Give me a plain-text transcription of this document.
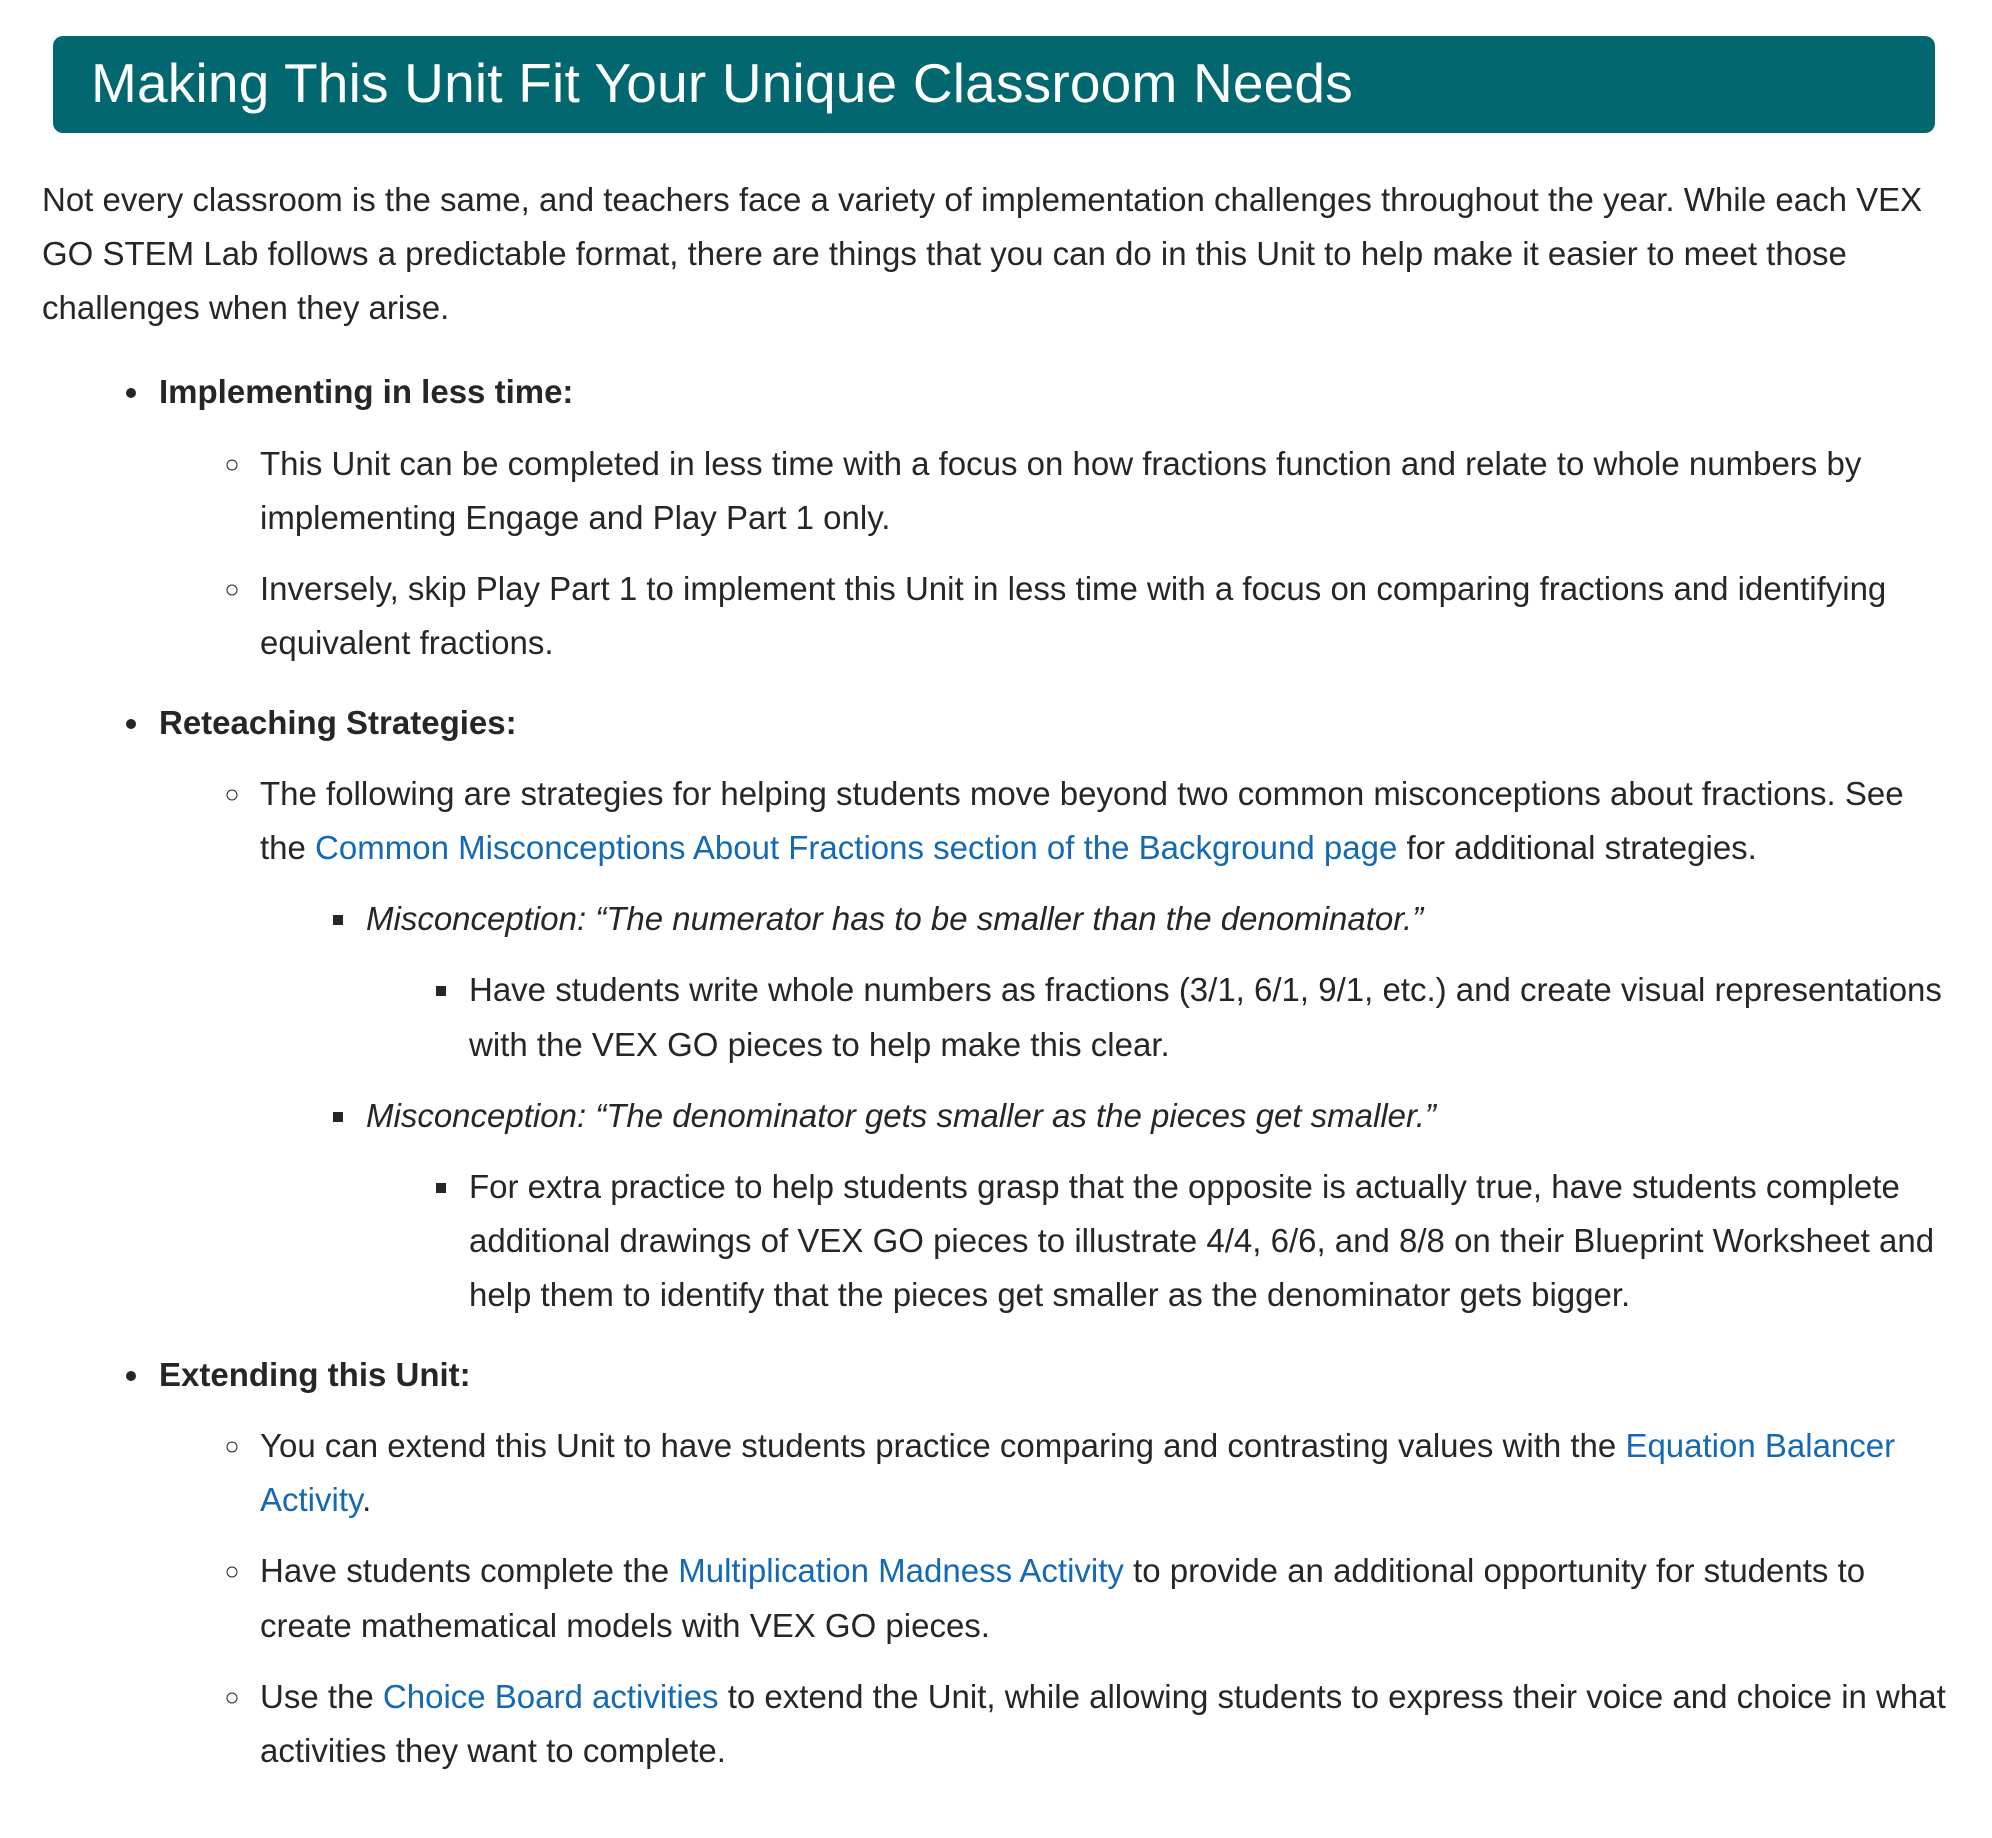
Making This Unit Fit Your Unique Classroom Needs

Not every classroom is the same, and teachers face a variety of implementation challenges throughout the year. While each VEX GO STEM Lab follows a predictable format, there are things that you can do in this Unit to help make it easier to meet those challenges when they arise.

• Implementing in less time:
◦ This Unit can be completed in less time with a focus on how fractions function and relate to whole numbers by implementing Engage and Play Part 1 only.
◦ Inversely, skip Play Part 1 to implement this Unit in less time with a focus on comparing fractions and identifying equivalent fractions.
• Reteaching Strategies:
◦ The following are strategies for helping students move beyond two common misconceptions about fractions. See the Common Misconceptions About Fractions section of the Background page for additional strategies.
▪ Misconception: “The numerator has to be smaller than the denominator.”
▪ Have students write whole numbers as fractions (3/1, 6/1, 9/1, etc.) and create visual representations with the VEX GO pieces to help make this clear.
▪ Misconception: “The denominator gets smaller as the pieces get smaller.”
▪ For extra practice to help students grasp that the opposite is actually true, have students complete additional drawings of VEX GO pieces to illustrate 4/4, 6/6, and 8/8 on their Blueprint Worksheet and help them to identify that the pieces get smaller as the denominator gets bigger.
• Extending this Unit:
◦ You can extend this Unit to have students practice comparing and contrasting values with the Equation Balancer Activity.
◦ Have students complete the Multiplication Madness Activity to provide an additional opportunity for students to create mathematical models with VEX GO pieces.
◦ Use the Choice Board activities to extend the Unit, while allowing students to express their voice and choice in what activities they want to complete.
